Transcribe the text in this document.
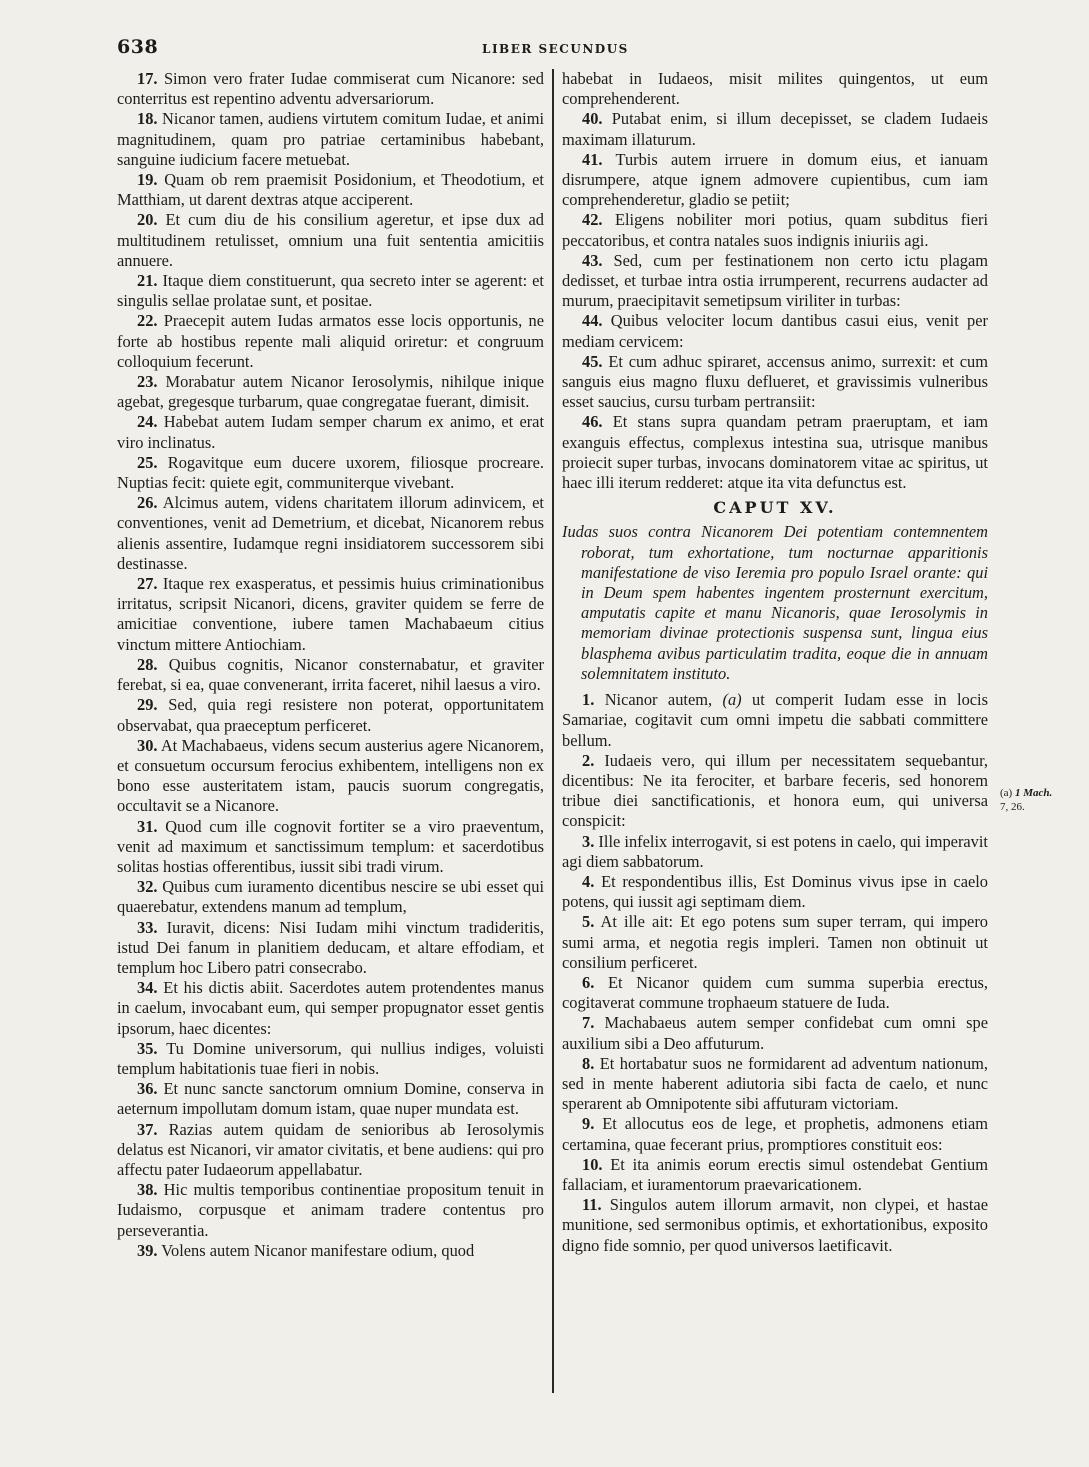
638	LIBER SECUNDUS

17. Simon vero frater Iudae commiserat cum Nicanore: sed conterritus est repentino adventu adversariorum.

18. Nicanor tamen, audiens virtutem comitum Iudae, et animi magnitudinem, quam pro patriae certaminibus habebant, sanguine iudicium facere metuebat.

19. Quam ob rem praemisit Posidonium, et Theodotium, et Matthiam, ut darent dextras atque acciperent.

20. Et cum diu de his consilium ageretur, et ipse dux ad multitudinem retulisset, omnium una fuit sententia amicitiis annuere.

21. Itaque diem constituerunt, qua secreto inter se agerent: et singulis sellae prolatae sunt, et positae.

22. Praecepit autem Iudas armatos esse locis opportunis, ne forte ab hostibus repente mali aliquid oriretur: et congruum colloquium fecerunt.

23. Morabatur autem Nicanor Ierosolymis, nihilque inique agebat, gregesque turbarum, quae congregatae fuerant, dimisit.

24. Habebat autem Iudam semper charum ex animo, et erat viro inclinatus.

25. Rogavitque eum ducere uxorem, filiosque procreare. Nuptias fecit: quiete egit, communiterque vivebant.

26. Alcimus autem, videns charitatem illorum adinvicem, et conventiones, venit ad Demetrium, et dicebat, Nicanorem rebus alienis assentire, Iudamque regni insidiatorem successorem sibi destinasse.

27. Itaque rex exasperatus, et pessimis huius criminationibus irritatus, scripsit Nicanori, dicens, graviter quidem se ferre de amicitiae conventione, iubere tamen Machabaeum citius vinctum mittere Antiochiam.

28. Quibus cognitis, Nicanor consternabatur, et graviter ferebat, si ea, quae convenerant, irrita faceret, nihil laesus a viro.

29. Sed, quia regi resistere non poterat, opportunitatem observabat, qua praeceptum perficeret.

30. At Machabaeus, videns secum austerius agere Nicanorem, et consuetum occursum ferocius exhibentem, intelligens non ex bono esse austeritatem istam, paucis suorum congregatis, occultavit se a Nicanore.

31. Quod cum ille cognovit fortiter se a viro praeventum, venit ad maximum et sanctissimum templum: et sacerdotibus solitas hostias offerentibus, iussit sibi tradi virum.

32. Quibus cum iuramento dicentibus nescire se ubi esset qui quaerebatur, extendens manum ad templum,

33. Iuravit, dicens: Nisi Iudam mihi vinctum tradideritis, istud Dei fanum in planitiem deducam, et altare effodiam, et templum hoc Libero patri consecrabo.

34. Et his dictis abiit. Sacerdotes autem protendentes manus in caelum, invocabant eum, qui semper propugnator esset gentis ipsorum, haec dicentes:

35. Tu Domine universorum, qui nullius indiges, voluisti templum habitationis tuae fieri in nobis.

36. Et nunc sancte sanctorum omnium Domine, conserva in aeternum impollutam domum istam, quae nuper mundata est.

37. Razias autem quidam de senioribus ab Ierosolymis delatus est Nicanori, vir amator civitatis, et bene audiens: qui pro affectu pater Iudaeorum appellabatur.

38. Hic multis temporibus continentiae propositum tenuit in Iudaismo, corpusque et animam tradere contentus pro perseverantia.

39. Volens autem Nicanor manifestare odium, quod

habebat in Iudaeos, misit milites quingentos, ut eum comprehenderent.

40. Putabat enim, si illum decepisset, se cladem Iudaeis maximam illaturum.

41. Turbis autem irruere in domum eius, et ianuam disrumpere, atque ignem admovere cupientibus, cum iam comprehenderetur, gladio se petiit;

42. Eligens nobiliter mori potius, quam subditus fieri peccatoribus, et contra natales suos indignis iniuriis agi.

43. Sed, cum per festinationem non certo ictu plagam dedisset, et turbae intra ostia irrumperent, recurrens audacter ad murum, praecipitavit semetipsum viriliter in turbas:

44. Quibus velociter locum dantibus casui eius, venit per mediam cervicem:

45. Et cum adhuc spiraret, accensus animo, surrexit: et cum sanguis eius magno fluxu deflueret, et gravissimis vulneribus esset saucius, cursu turbam pertransiit:

46. Et stans supra quandam petram praeruptam, et iam exanguis effectus, complexus intestina sua, utrisque manibus proiecit super turbas, invocans dominatorem vitae ac spiritus, ut haec illi iterum redderet: atque ita vita defunctus est.

CAPUT XV.

Iudas suos contra Nicanorem Dei potentiam contemnentem roborat, tum exhortatione, tum nocturnae apparitionis manifestatione de viso Ieremia pro populo Israel orante: qui in Deum spem habentes ingentem prosternunt exercitum, amputatis capite et manu Nicanoris, quae Ierosolymis in memoriam divinae protectionis suspensa sunt, lingua eius blasphema avibus particulatim tradita, eoque die in annuam solemnitatem instituto.

1. Nicanor autem, (a) ut comperit Iudam esse in locis Samariae, cogitavit cum omni impetu die sabbati committere bellum.

2. Iudaeis vero, qui illum per necessitatem sequebantur, dicentibus: Ne ita ferociter, et barbare feceris, sed honorem tribue diei sanctificationis, et honora eum, qui universa conspicit:

3. Ille infelix interrogavit, si est potens in caelo, qui imperavit agi diem sabbatorum.

4. Et respondentibus illis, Est Dominus vivus ipse in caelo potens, qui iussit agi septimam diem.

5. At ille ait: Et ego potens sum super terram, qui impero sumi arma, et negotia regis impleri. Tamen non obtinuit ut consilium perficeret.

6. Et Nicanor quidem cum summa superbia erectus, cogitaverat commune trophaeum statuere de Iuda.

7. Machabaeus autem semper confidebat cum omni spe auxilium sibi a Deo affuturum.

8. Et hortabatur suos ne formidarent ad adventum nationum, sed in mente haberent adiutoria sibi facta de caelo, et nunc sperarent ab Omnipotente sibi affuturam victoriam.

9. Et allocutus eos de lege, et prophetis, admonens etiam certamina, quae fecerant prius, promptiores constituit eos:

10. Et ita animis eorum erectis simul ostendebat Gentium fallaciam, et iuramentorum praevaricationem.

11. Singulos autem illorum armavit, non clypei, et hastae munitione, sed sermonibus optimis, et exhortationibus, exposito digno fide somnio, per quod universos laetificavit.

(a) 1 Mach.
7, 26.
